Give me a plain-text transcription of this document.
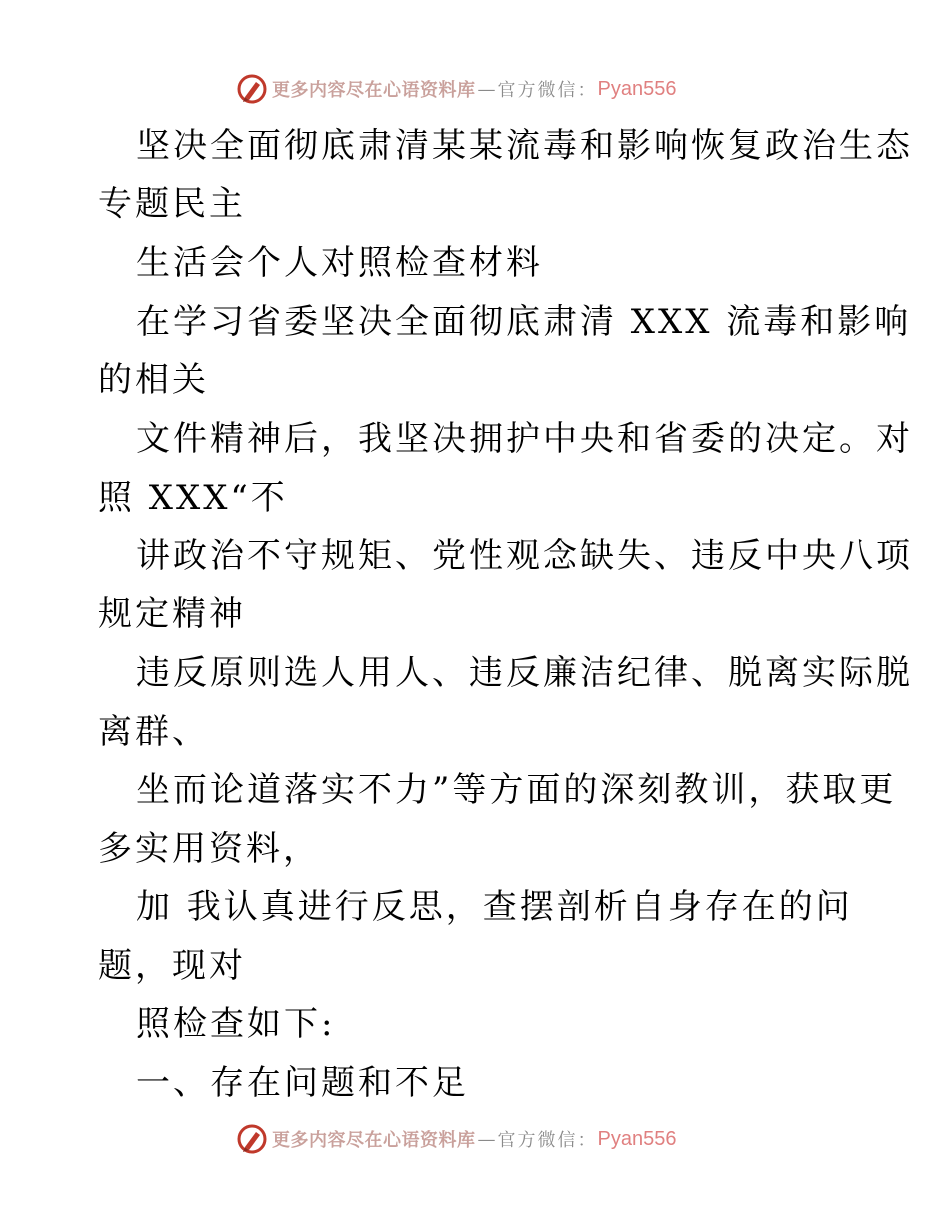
更多内容尽在心语资料库 — 官方微信： Pyan556
坚决全面彻底肃清某某流毒和影响恢复政治生态
专题民主
生活会个人对照检查材料
在学习省委坚决全面彻底肃清 XXX 流毒和影响
的相关
文件精神后，我坚决拥护中央和省委的决定。对
照 XXX“不
讲政治不守规矩、党性观念缺失、违反中央八项
规定精神
违反原则选人用人、违反廉洁纪律、脱离实际脱
离群、
坐而论道落实不力”等方面的深刻教训，获取更
多实用资料，
加 我认真进行反思，查摆剖析自身存在的问
题，现对
照检查如下:
一、存在问题和不足
更多内容尽在心语资料库 — 官方微信： Pyan556
